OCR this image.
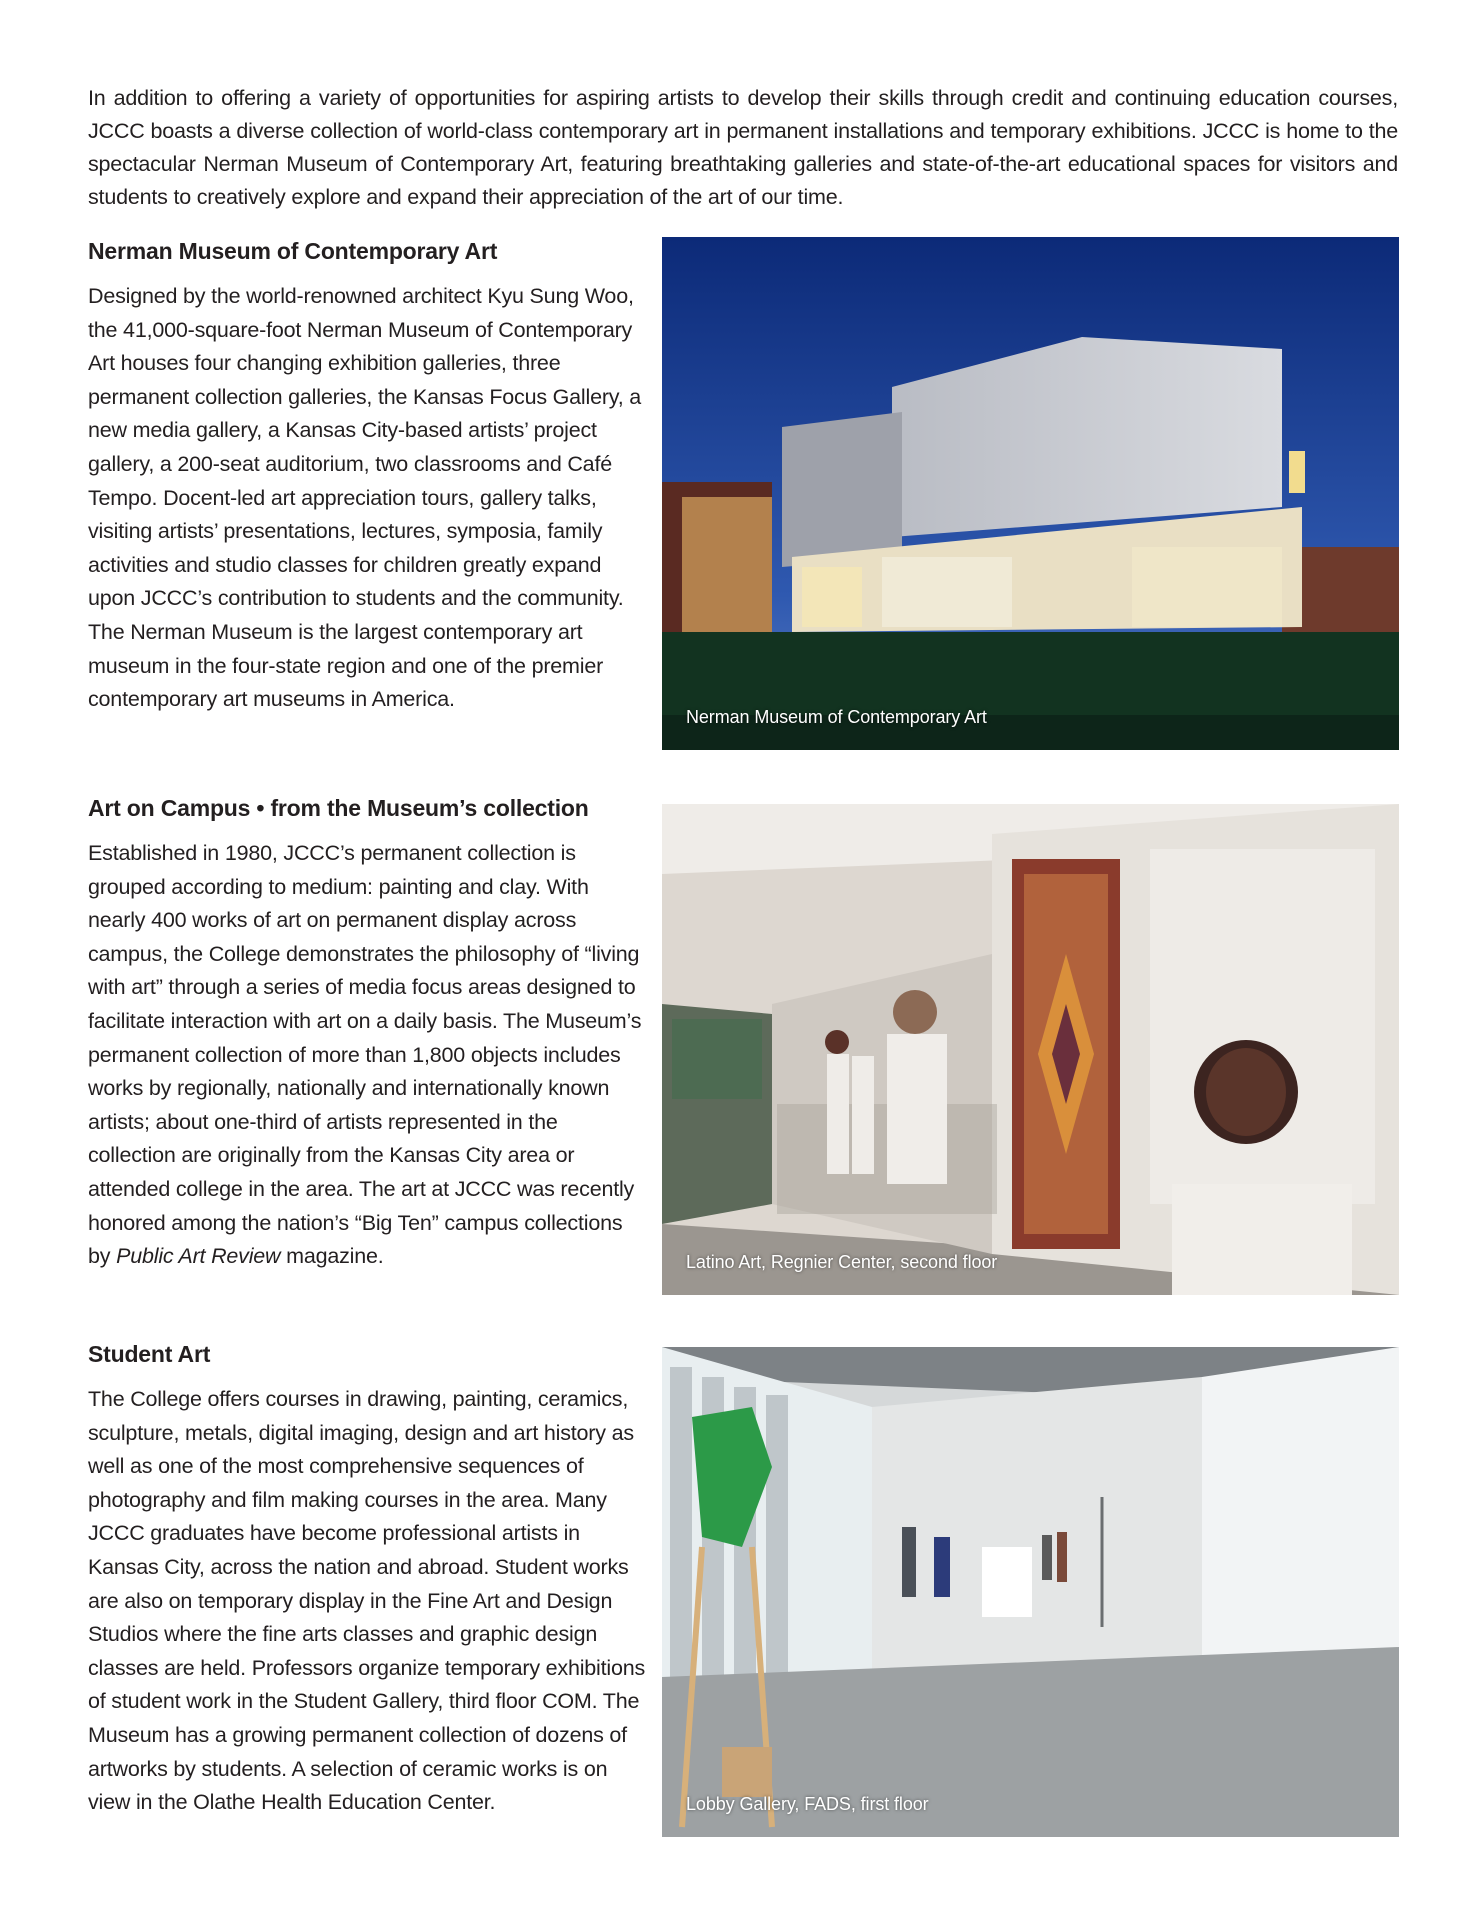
In addition to offering a variety of opportunities for aspiring artists to develop their skills through credit and continuing education courses, JCCC boasts a diverse collection of world-class contemporary art in permanent installations and temporary exhibitions. JCCC is home to the spectacular Nerman Museum of Contemporary Art, featuring breathtaking galleries and state-of-the-art educational spaces for visitors and students to creatively explore and expand their appreciation of the art of our time.

Nerman Museum of Contemporary Art

Designed by the world-renowned architect Kyu Sung Woo, the 41,000-square-foot Nerman Museum of Contemporary Art houses four changing exhibition galleries, three permanent collection galleries, the Kansas Focus Gallery, a new media gallery, a Kansas City-based artists’ project gallery, a 200-seat auditorium, two classrooms and Café Tempo. Docent-led art appreciation tours, gallery talks, visiting artists’ presentations, lectures, symposia, family activities and studio classes for children greatly expand upon JCCC’s contribution to students and the community. The Nerman Museum is the largest contemporary art museum in the four-state region and one of the premier contemporary art museums in America.

Art on Campus • from the Museum’s collection

Established in 1980, JCCC’s permanent collection is grouped according to medium: painting and clay. With nearly 400 works of art on permanent display across campus, the College demonstrates the philosophy of “living with art” through a series of media focus areas designed to facilitate interaction with art on a daily basis. The Museum’s permanent collection of more than 1,800 objects includes works by regionally, nationally and internationally known artists; about one-third of artists represented in the collection are originally from the Kansas City area or attended college in the area. The art at JCCC was recently honored among the nation’s “Big Ten” campus collections by Public Art Review magazine.

Student Art

The College offers courses in drawing, painting, ceramics, sculpture, metals, digital imaging, design and art history as well as one of the most comprehensive sequences of photography and film making courses in the area. Many JCCC graduates have become professional artists in Kansas City, across the nation and abroad. Student works are also on temporary display in the Fine Art and Design Studios where the fine arts classes and graphic design classes are held. Professors organize temporary exhibitions of student work in the Student Gallery, third floor COM. The Museum has a growing permanent collection of dozens of artworks by students. A selection of ceramic works is on view in the Olathe Health Education Center.

Nerman Museum of Contemporary Art
Latino Art, Regnier Center, second floor
Lobby Gallery, FADS, first floor
